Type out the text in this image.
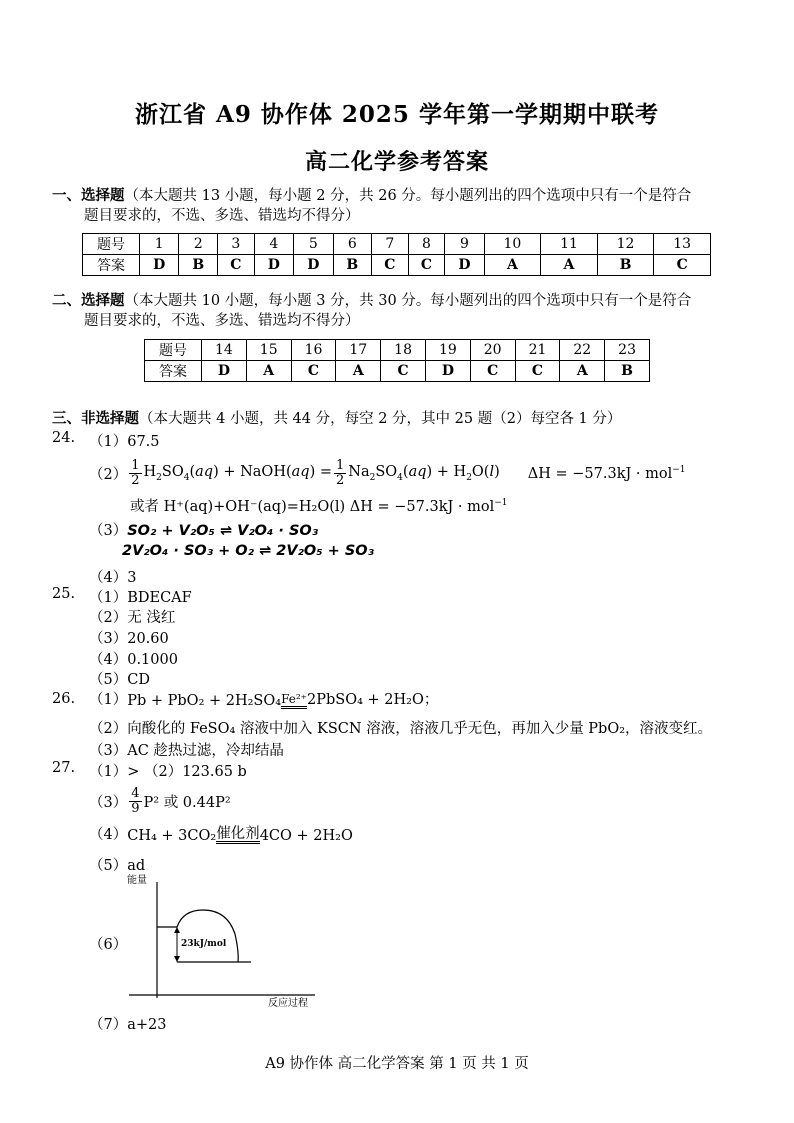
浙江省 A9 协作体 2025 学年第一学期期中联考
高二化学参考答案
一、选择题（本大题共 13 小题，每小题 2 分，共 26 分。每小题列出的四个选项中只有一个是符合
题目要求的，不选、多选、错选均不得分）
题号	1	2	3	4	5	6	7	8	9	10	11	12	13
答案	D	B	C	D	D	B	C	C	D	A	A	B	C
二、选择题（本大题共 10 小题，每小题 3 分，共 30 分。每小题列出的四个选项中只有一个是符合
题目要求的，不选、多选、错选均不得分）
题号	14	15	16	17	18	19	20	21	22	23
答案	D	A	C	A	C	D	C	C	A	B
三、非选择题（本大题共 4 小题，共 44 分，每空 2 分，其中 25 题（2）每空各 1 分）
24. （1）67.5
$(2) \frac{1}{2} H_2SO_4(aq)$ + NaOH(aq) = $\frac{1}{2} Na_2SO_4(aq) + H_2O(l) \Delta H = -57.3kJ \cdot mol^{-1}$
或者 H⁺(aq)+OH⁻(aq)=H₂O(l) ΔH = −57.3kJ · mol$^{-1}$
（3）SO₂ + V₂O₅ ⇌ V₂O₄ · SO₃
2V₂O₄ · SO₃ + O₂ ⇌ 2V₂O₅ + SO₃
（4）3
25. （1）BDECAF
（2）无 浅红
（3）20.60
（4）0.1000
（5）CD
26. （1） Pb + PbO₂ + 2H₂SO₄ Fe²⁺ 2PbSO₄ + 2H₂O；
（2）向酸化的 FeSO₄ 溶液中加入 KSCN 溶液，溶液几乎无色，再加入少量 PbO₂，溶液变红。
（3）AC 趁热过滤，冷却结晶
27. （1）> （2）123.65 b
$(3) \frac{4}{9} P^2$ 或 0.44P²
（4） CH₄ + 3CO₂ 催化剂 4CO + 2H₂O
（5）ad
（6）
能量
23kJ/mol
反应过程
（7）a+23
A9 协作体 高二化学答案 第 1 页 共 1 页
